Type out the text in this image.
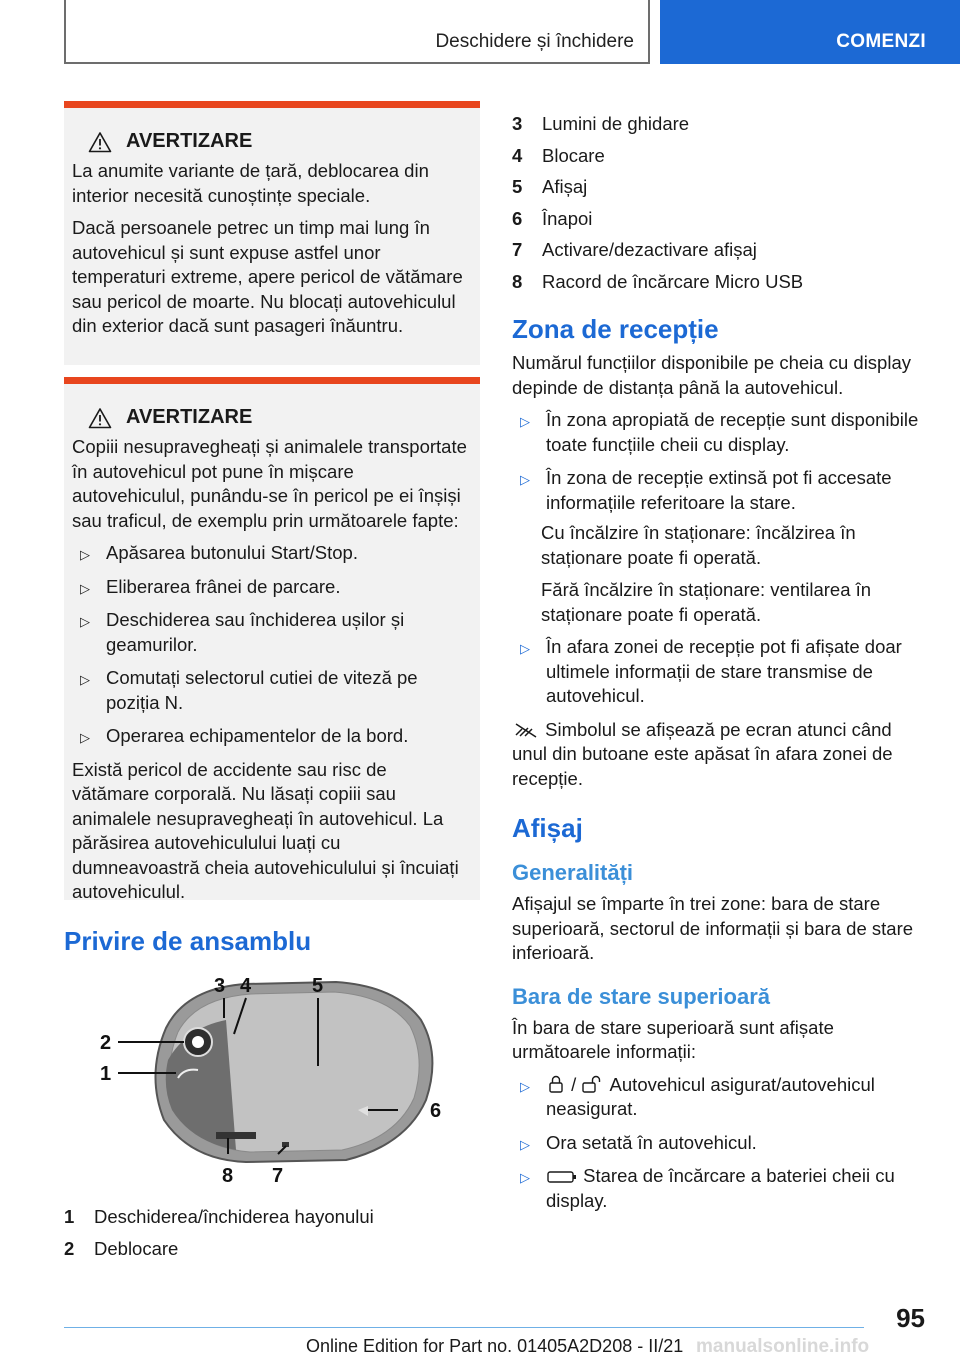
Deschidere și închidere	COMENZI
AVERTIZARE

La anumite variante de țară, deblocarea din interior necesită cunoștințe speciale.

Dacă persoanele petrec un timp mai lung în autovehicul și sunt expuse astfel unor temperaturi extreme, apere pericol de vătămare sau pericol de moarte. Nu blocați autovehiculul din exterior dacă sunt pasageri înăuntru.

AVERTIZARE

Copiii nesupravegheați și animalele transportate în autovehicul pot pune în mișcare autovehiculul, punându-se în pericol pe ei înșiși sau traficul, de exemplu prin următoarele fapte:

▷ Apăsarea butonului Start/Stop.
▷ Eliberarea frânei de parcare.
▷ Deschiderea sau închiderea ușilor și geamurilor.
▷ Comutați selectorul cutiei de viteză pe poziția N.
▷ Operarea echipamentelor de la bord.

Există pericol de accidente sau risc de vătămare corporală. Nu lăsați copiii sau animalele nesupravegheați în autovehicul. La părăsirea autovehiculului luați cu dumneavoastră cheia autovehiculului și încuiați autovehiculul.

Privire de ansamblu
2
1
3 4	5
6
8 7
1	Deschiderea/închiderea hayonului
2	Deblocare
3	Lumini de ghidare
4	Blocare
5	Afișaj
6	Înapoi
7	Activare/dezactivare afișaj
8	Racord de încărcare Micro USB
Zona de recepție

Numărul funcțiilor disponibile pe cheia cu display depinde de distanța până la autovehicul.

▷ În zona apropiată de recepție sunt disponibile toate funcțiile cheii cu display.
▷ În zona de recepție extinsă pot fi accesate informațiile referitoare la stare.

Cu încălzire în staționare: încălzirea în staționare poate fi operată.

Fără încălzire în staționare: ventilarea în staționare poate fi operată.

▷ În afara zonei de recepție pot fi afișate doar ultimele informații de stare transmise de autovehicul.

Simbolul se afișează pe ecran atunci când unul din butoane este apăsat în afara zonei de recepție.

Afișaj
Generalități

Afișajul se împarte în trei zone: bara de stare superioară, sectorul de informații și bara de stare inferioară.

Bara de stare superioară

În bara de stare superioară sunt afișate următoarele informații:

▷ / Autovehicul asigurat/autovehicul neasigurat.
▷ Ora setată în autovehicul.
▷	Starea de încărcare a bateriei cheii cu display.
95
Online Edition for Part no. 01405A2D208 - II/21 manualsonline.info
